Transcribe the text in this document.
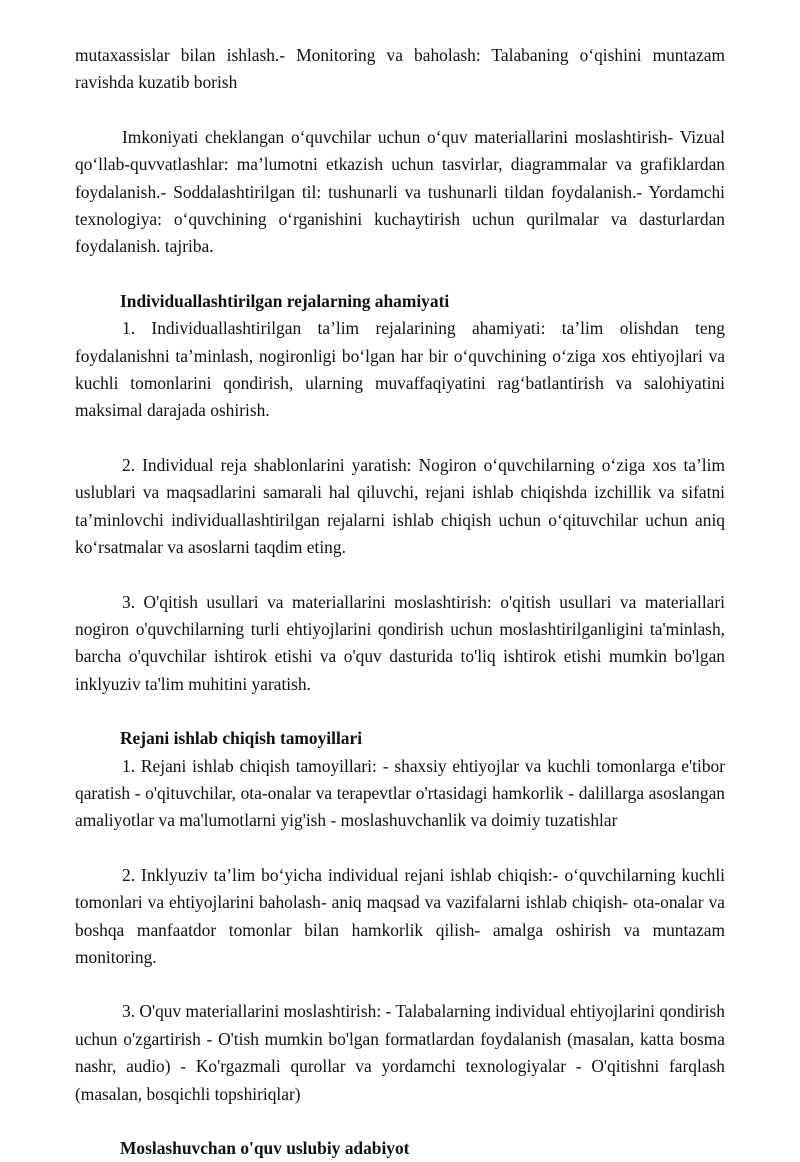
mutaxassislar bilan ishlash.- Monitoring va baholash: Talabaning o‘qishini muntazam ravishda kuzatib borish

Imkoniyati cheklangan o‘quvchilar uchun o‘quv materiallarini moslashtirish- Vizual qo‘llab-quvvatlashlar: ma’lumotni etkazish uchun tasvirlar, diagrammalar va grafiklardan foydalanish.- Soddalashtirilgan til: tushunarli va tushunarli tildan foydalanish.- Yordamchi texnologiya: o‘quvchining o‘rganishini kuchaytirish uchun qurilmalar va dasturlardan foydalanish. tajriba.

Individuallashtirilgan rejalarning ahamiyati

1. Individuallashtirilgan ta’lim rejalarining ahamiyati: ta’lim olishdan teng foydalanishni ta’minlash, nogironligi bo‘lgan har bir o‘quvchining o‘ziga xos ehtiyojlari va kuchli tomonlarini qondirish, ularning muvaffaqiyatini rag‘batlantirish va salohiyatini maksimal darajada oshirish.

2. Individual reja shablonlarini yaratish: Nogiron o‘quvchilarning o‘ziga xos ta’lim uslublari va maqsadlarini samarali hal qiluvchi, rejani ishlab chiqishda izchillik va sifatni ta’minlovchi individuallashtirilgan rejalarni ishlab chiqish uchun o‘qituvchilar uchun aniq ko‘rsatmalar va asoslarni taqdim eting.

3. O'qitish usullari va materiallarini moslashtirish: o'qitish usullari va materiallari nogiron o'quvchilarning turli ehtiyojlarini qondirish uchun moslashtirilganligini ta'minlash, barcha o'quvchilar ishtirok etishi va o'quv dasturida to'liq ishtirok etishi mumkin bo'lgan inklyuziv ta'lim muhitini yaratish.

Rejani ishlab chiqish tamoyillari

1. Rejani ishlab chiqish tamoyillari: - shaxsiy ehtiyojlar va kuchli tomonlarga e'tibor qaratish - o'qituvchilar, ota-onalar va terapevtlar o'rtasidagi hamkorlik - dalillarga asoslangan amaliyotlar va ma'lumotlarni yig'ish - moslashuvchanlik va doimiy tuzatishlar

2. Inklyuziv ta’lim bo‘yicha individual rejani ishlab chiqish:- o‘quvchilarning kuchli tomonlari va ehtiyojlarini baholash- aniq maqsad va vazifalarni ishlab chiqish- ota-onalar va boshqa manfaatdor tomonlar bilan hamkorlik qilish- amalga oshirish va muntazam monitoring.

3. O'quv materiallarini moslashtirish: - Talabalarning individual ehtiyojlarini qondirish uchun o'zgartirish - O'tish mumkin bo'lgan formatlardan foydalanish (masalan, katta bosma nashr, audio) - Ko'rgazmali qurollar va yordamchi texnologiyalar - O'qitishni farqlash (masalan, bosqichli topshiriqlar)

Moslashuvchan o'quv uslubiy adabiyot
